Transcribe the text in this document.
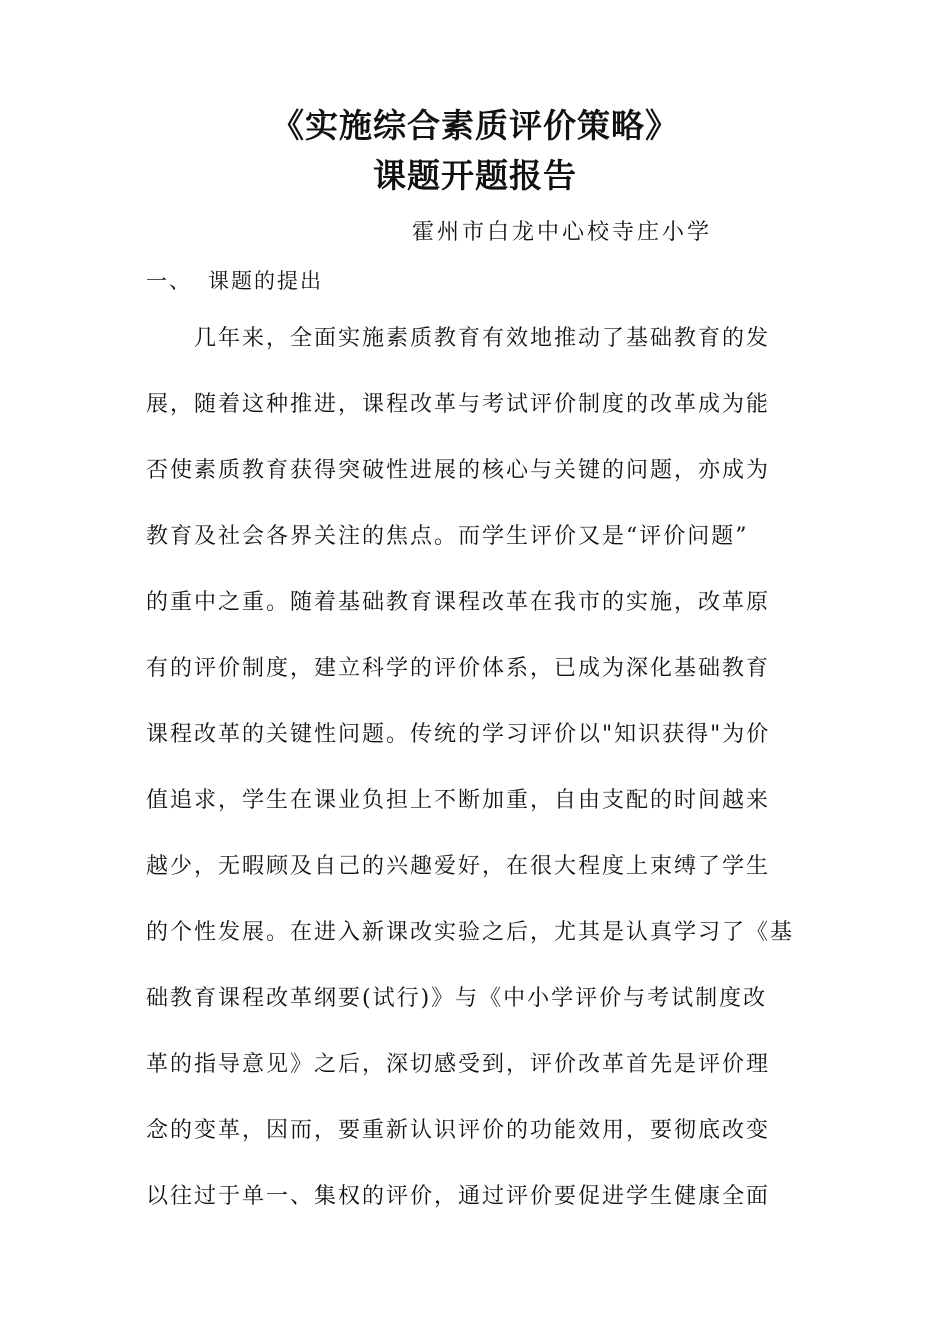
《实施综合素质评价策略》
课题开题报告
霍州市白龙中心校寺庄小学
一、 课题的提出
　　几年来，全面实施素质教育有效地推动了基础教育的发
展，随着这种推进，课程改革与考试评价制度的改革成为能
否使素质教育获得突破性进展的核心与关键的问题，亦成为
教育及社会各界关注的焦点。而学生评价又是“评价问题”
的重中之重。随着基础教育课程改革在我市的实施，改革原
有的评价制度，建立科学的评价体系，已成为深化基础教育
课程改革的关键性问题。传统的学习评价以"知识获得"为价
值追求，学生在课业负担上不断加重，自由支配的时间越来
越少，无暇顾及自己的兴趣爱好，在很大程度上束缚了学生
的个性发展。在进入新课改实验之后，尤其是认真学习了《基
础教育课程改革纲要(试行)》与《中小学评价与考试制度改
革的指导意见》之后，深切感受到，评价改革首先是评价理
念的变革，因而，要重新认识评价的功能效用，要彻底改变
以往过于单一、集权的评价，通过评价要促进学生健康全面
